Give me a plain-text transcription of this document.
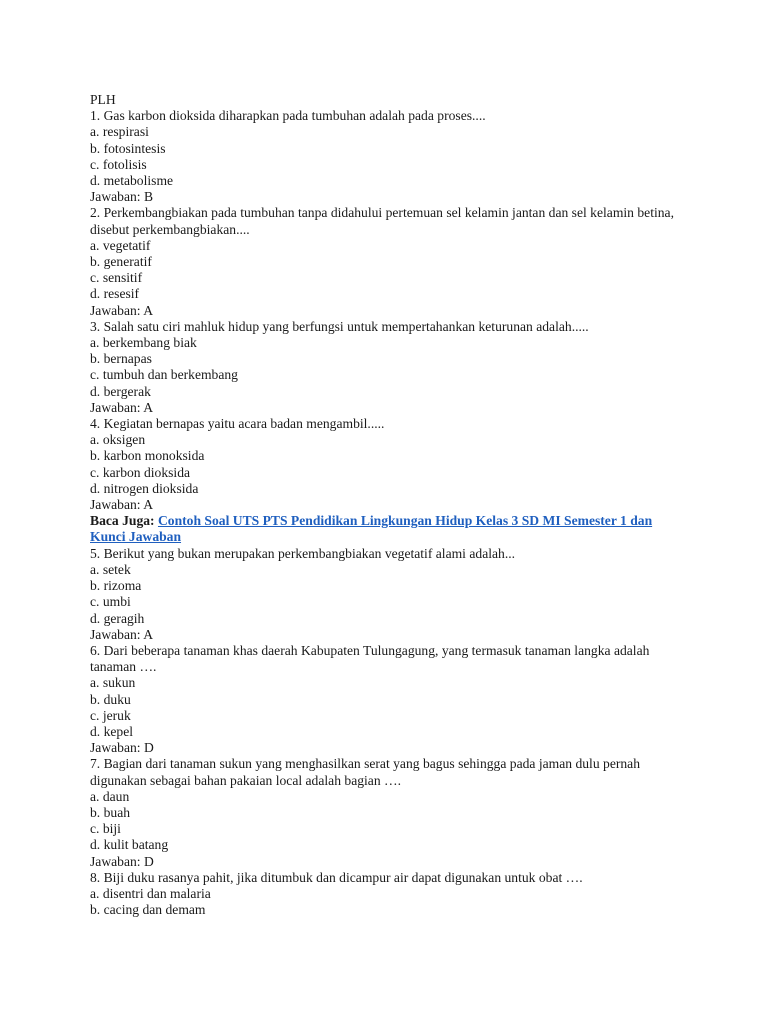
PLH
1. Gas karbon dioksida diharapkan pada tumbuhan adalah pada proses....
a. respirasi
b. fotosintesis
c. fotolisis
d. metabolisme
Jawaban: B
2. Perkembangbiakan pada tumbuhan tanpa didahului pertemuan sel kelamin jantan dan sel kelamin betina, disebut perkembangbiakan....
a. vegetatif
b. generatif
c. sensitif
d. resesif
Jawaban: A
3. Salah satu ciri mahluk hidup yang berfungsi untuk mempertahankan keturunan adalah.....
a. berkembang biak
b. bernapas
c. tumbuh dan berkembang
d. bergerak
Jawaban: A
4. Kegiatan bernapas yaitu acara badan mengambil.....
a. oksigen
b. karbon monoksida
c. karbon dioksida
d. nitrogen dioksida
Jawaban: A
Baca Juga: Contoh Soal UTS PTS Pendidikan Lingkungan Hidup Kelas 3 SD MI Semester 1 dan Kunci Jawaban
5. Berikut yang bukan merupakan perkembangbiakan vegetatif alami adalah...
a. setek
b. rizoma
c. umbi
d. geragih
Jawaban: A
6. Dari beberapa tanaman khas daerah Kabupaten Tulungagung, yang termasuk tanaman langka adalah tanaman ….
a. sukun
b. duku
c. jeruk
d. kepel
Jawaban: D
7. Bagian dari tanaman sukun yang menghasilkan serat yang bagus sehingga pada jaman dulu pernah digunakan sebagai bahan pakaian local adalah bagian ….
a. daun
b. buah
c. biji
d. kulit batang
Jawaban: D
8. Biji duku rasanya pahit, jika ditumbuk dan dicampur air dapat digunakan untuk obat ….
a. disentri dan malaria
b. cacing dan demam
